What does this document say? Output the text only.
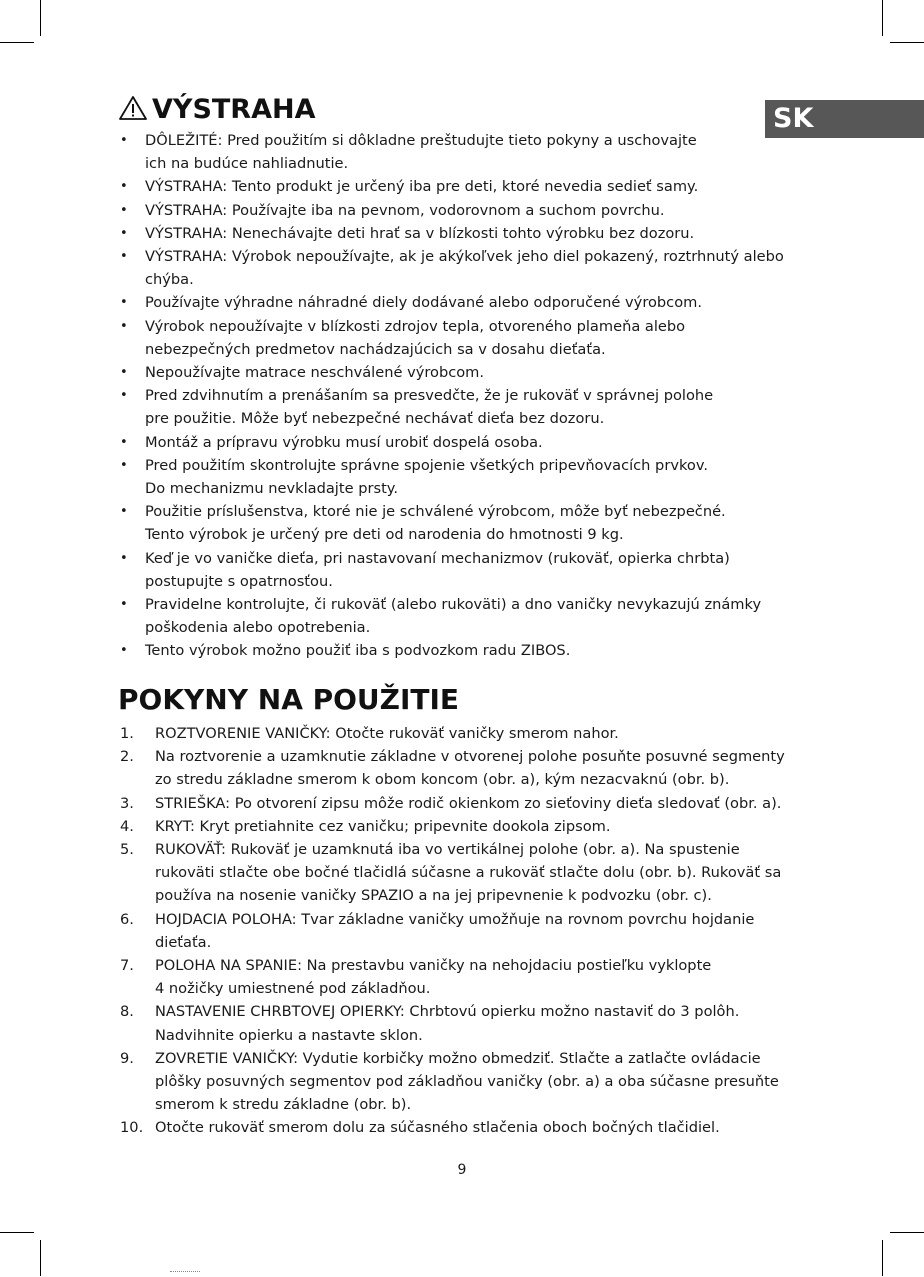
SK
VÝSTRAHA
• DÔLEŽITÉ: Pred použitím si dôkladne preštudujte tieto pokyny a uschovajte
ich na budúce nahliadnutie.
• VÝSTRAHA: Tento produkt je určený iba pre deti, ktoré nevedia sedieť samy.
• VÝSTRAHA: Používajte iba na pevnom, vodorovnom a suchom povrchu.
• VÝSTRAHA: Nenechávajte deti hrať sa v blízkosti tohto výrobku bez dozoru.
• VÝSTRAHA: Výrobok nepoužívajte, ak je akýkoľvek jeho diel pokazený, roztrhnutý alebo
chýba.
• Používajte výhradne náhradné diely dodávané alebo odporučené výrobcom.
• Výrobok nepoužívajte v blízkosti zdrojov tepla, otvoreného plameňa alebo
nebezpečných predmetov nachádzajúcich sa v dosahu dieťaťa.
• Nepoužívajte matrace neschválené výrobcom.
• Pred zdvihnutím a prenášaním sa presvedčte, že je rukoväť v správnej polohe
pre použitie. Môže byť nebezpečné nechávať dieťa bez dozoru.
• Montáž a prípravu výrobku musí urobiť dospelá osoba.
• Pred použitím skontrolujte správne spojenie všetkých pripevňovacích prvkov.
Do mechanizmu nevkladajte prsty.
• Použitie príslušenstva, ktoré nie je schválené výrobcom, môže byť nebezpečné.
Tento výrobok je určený pre deti od narodenia do hmotnosti 9 kg.
• Keď je vo vaničke dieťa, pri nastavovaní mechanizmov (rukoväť, opierka chrbta)
postupujte s opatrnosťou.
• Pravidelne kontrolujte, či rukoväť (alebo rukoväti) a dno vaničky nevykazujú známky
poškodenia alebo opotrebenia.
• Tento výrobok možno použiť iba s podvozkom radu ZIBOS.
POKYNY NA POUŽITIE
1. ROZTVORENIE VANIČKY: Otočte rukoväť vaničky smerom nahor.
2. Na roztvorenie a uzamknutie základne v otvorenej polohe posuňte posuvné segmenty
zo stredu základne smerom k obom koncom (obr. a), kým nezacvaknú (obr. b).
3. STRIEŠKA: Po otvorení zipsu môže rodič okienkom zo sieťoviny dieťa sledovať (obr. a).
4. KRYT: Kryt pretiahnite cez vaničku; pripevnite dookola zipsom.
5. RUKOVÄŤ: Rukoväť je uzamknutá iba vo vertikálnej polohe (obr. a). Na spustenie
rukoväti stlačte obe bočné tlačidlá súčasne a rukoväť stlačte dolu (obr. b). Rukoväť sa
používa na nosenie vaničky SPAZIO a na jej pripevnenie k podvozku (obr. c).
6. HOJDACIA POLOHA: Tvar základne vaničky umožňuje na rovnom povrchu hojdanie
dieťaťa.
7. POLOHA NA SPANIE: Na prestavbu vaničky na nehojdaciu postieľku vyklopte
4 nožičky umiestnené pod základňou.
8. NASTAVENIE CHRBTOVEJ OPIERKY: Chrbtovú opierku možno nastaviť do 3 polôh.
Nadvihnite opierku a nastavte sklon.
9. ZOVRETIE VANIČKY: Vydutie korbičky možno obmedziť. Stlačte a zatlačte ovládacie
plôšky posuvných segmentov pod základňou vaničky (obr. a) a oba súčasne presuňte
smerom k stredu základne (obr. b).
10. Otočte rukoväť smerom dolu za súčasného stlačenia oboch bočných tlačidiel.
9
